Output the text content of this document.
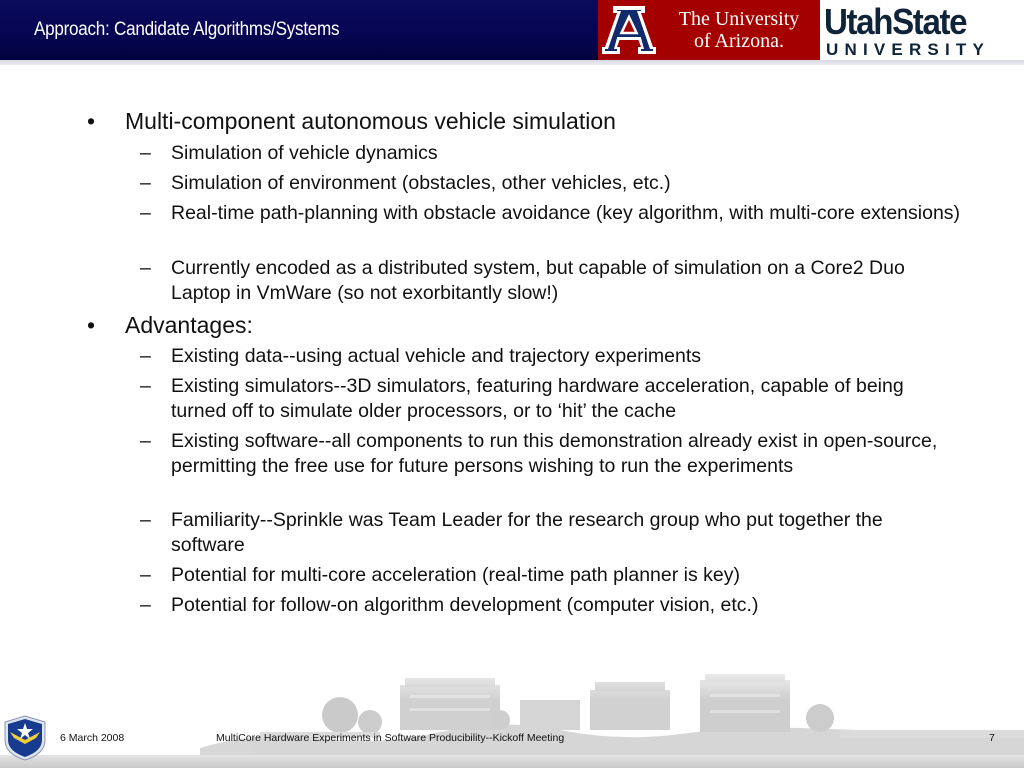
Approach: Candidate Algorithms/Systems	The University
of Arizona.	UtahState
UNIVERSITY
• Multi-component autonomous vehicle simulation
– Simulation of vehicle dynamics
– Simulation of environment (obstacles, other vehicles, etc.)
– Real-time path-planning with obstacle avoidance (key algorithm, with multi-core extensions)
– Currently encoded as a distributed system, but capable of simulation on a Core2 Duo Laptop in VmWare (so not exorbitantly slow!)
• Advantages:
– Existing data--using actual vehicle and trajectory experiments
– Existing simulators--3D simulators, featuring hardware acceleration, capable of being turned off to simulate older processors, or to ‘hit’ the cache
– Existing software--all components to run this demonstration already exist in open-source, permitting the free use for future persons wishing to run the experiments
– Familiarity--Sprinkle was Team Leader for the research group who put together the software
– Potential for multi-core acceleration (real-time path planner is key)
– Potential for follow-on algorithm development (computer vision, etc.)
6 March 2008	MultiCore Hardware Experiments in Software Producibility--Kickoff Meeting	7
